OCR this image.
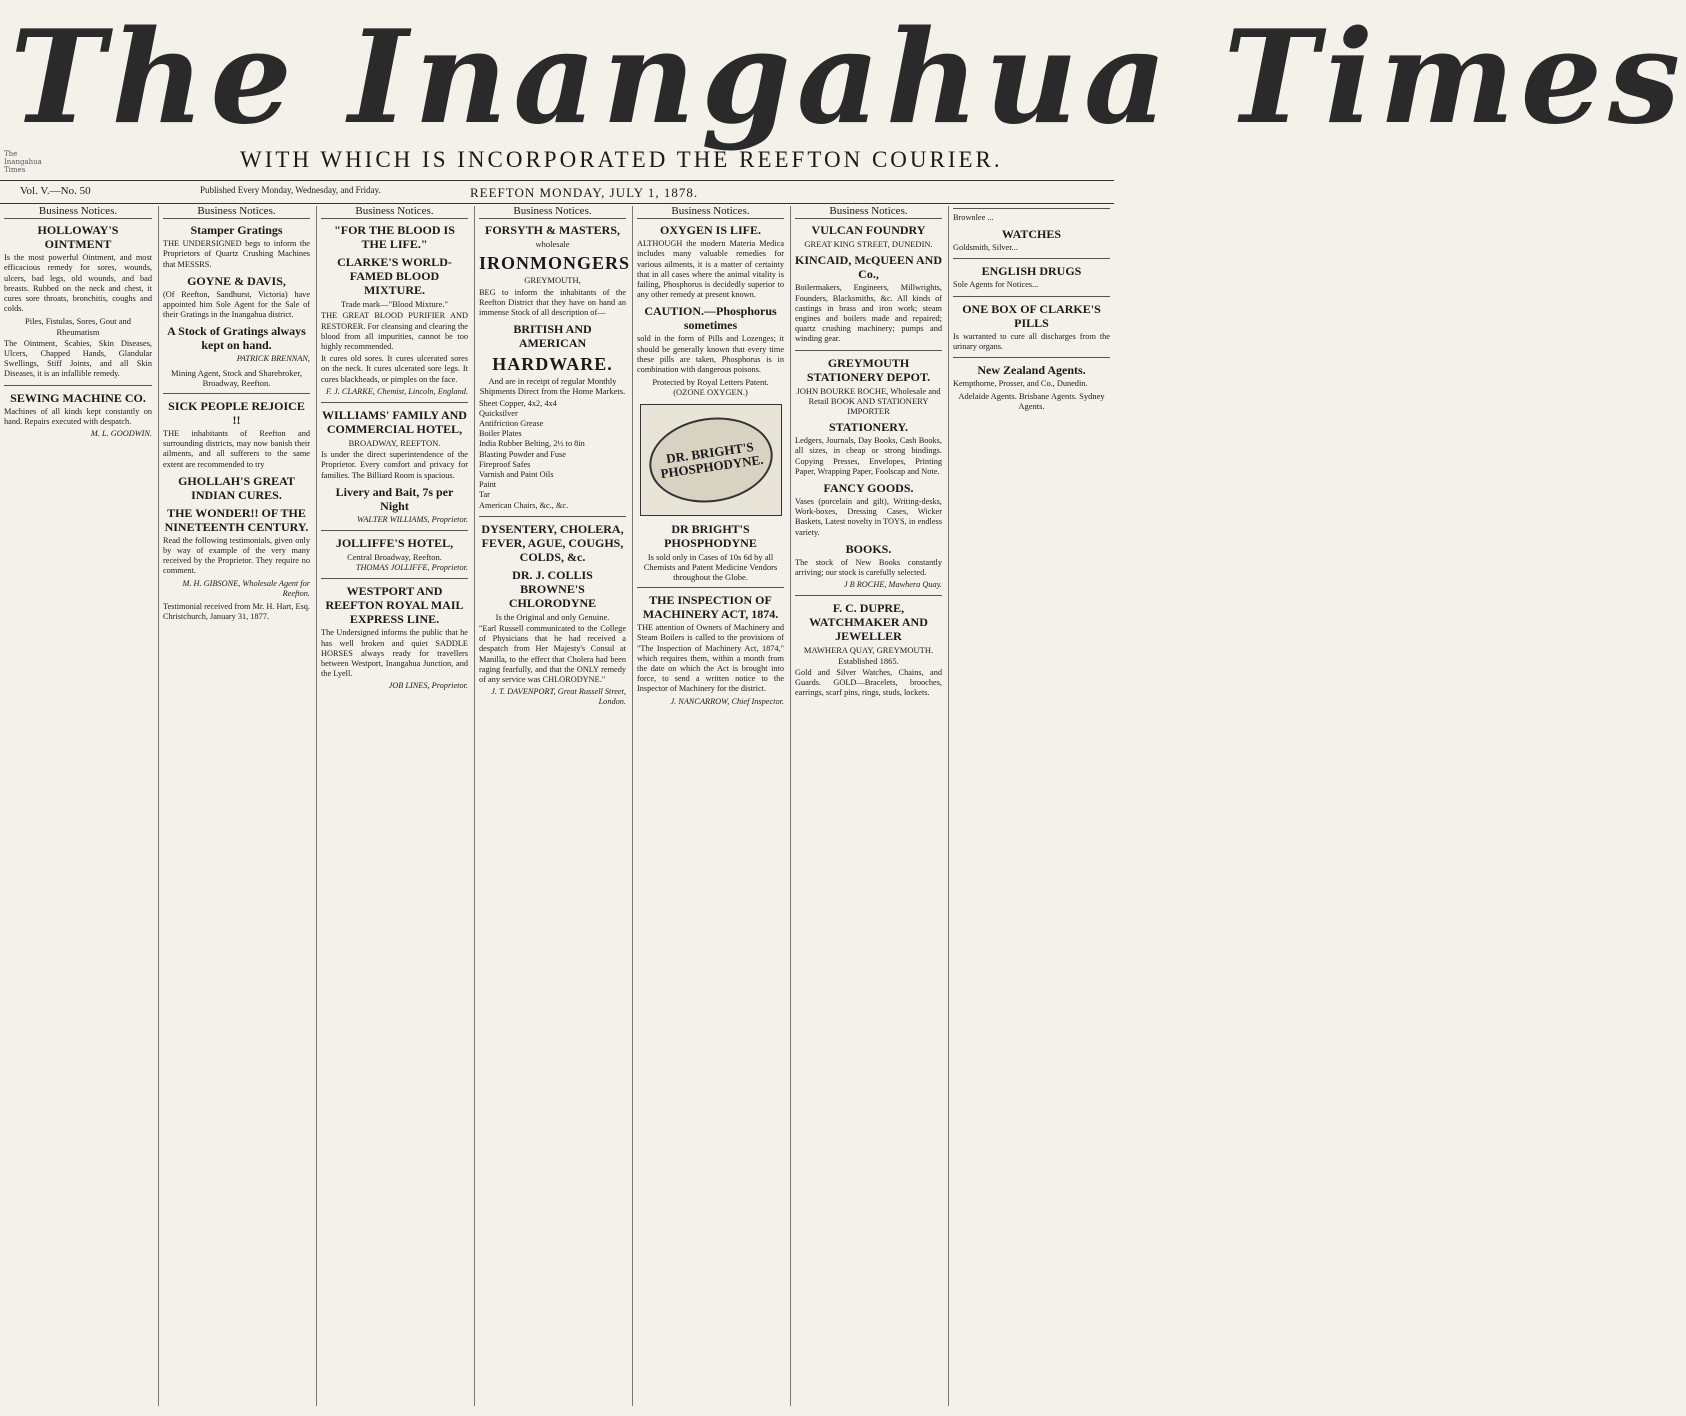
The Inangahua Times
The Inangahua Times
WITH WHICH IS INCORPORATED THE REEFTON COURIER.
Vol. V.—No. 50	Published Every Monday, Wednesday, and Friday.	REEFTON MONDAY, JULY 1, 1878.
Business Notices.
HOLLOWAY'S OINTMENT
Is the most powerful Ointment, and most efficacious remedy for sores, wounds, ulcers, bad legs, old wounds, and bad breasts. Rubbed on the neck and chest, it cures sore throats, bronchitis, coughs and colds.
Piles, Fistulas, Sores, Gout and Rheumatism
The Ointment, Scabies, Skin Diseases, Ulcers, Chapped Hands, Glandular Swellings, Stiff Joints, and all Skin Diseases, it is an infallible remedy.
SEWING MACHINE CO.
Machines of all kinds kept constantly on hand. Repairs executed with despatch.
M. L. GOODWIN.
Business Notices.
Stamper Gratings
THE UNDERSIGNED begs to inform the Proprietors of Quartz Crushing Machines that MESSRS.
GOYNE & DAVIS,
(Of Reefton, Sandhurst, Victoria) have appointed him Sole Agent for the Sale of their Gratings in the Inangahua district.
A Stock of Gratings always kept on hand.
PATRICK BRENNAN,
Mining Agent, Stock and Sharebroker, Broadway, Reefton.
SICK PEOPLE REJOICE !!
THE inhabitants of Reefton and surrounding districts, may now banish their ailments, and all sufferers to the same extent are recommended to try
GHOLLAH'S GREAT INDIAN CURES.
THE WONDER!! OF THE NINETEENTH CENTURY.
Read the following testimonials, given only by way of example of the very many received by the Proprietor. They require no comment.
M. H. GIBSONE, Wholesale Agent for Reefton.
Testimonial received from Mr. H. Hart, Esq. Christchurch, January 31, 1877.
Business Notices.
"FOR THE BLOOD IS THE LIFE."
CLARKE'S WORLD-FAMED BLOOD MIXTURE.
Trade mark—"Blood Mixture."
THE GREAT BLOOD PURIFIER AND RESTORER. For cleansing and clearing the blood from all impurities, cannot be too highly recommended.
It cures old sores. It cures ulcerated sores on the neck. It cures ulcerated sore legs. It cures blackheads, or pimples on the face.
F. J. CLARKE, Chemist, Lincoln, England.
WILLIAMS' FAMILY AND COMMERCIAL HOTEL,
BROADWAY, REEFTON.
Is under the direct superintendence of the Proprietor. Every comfort and privacy for families. The Billiard Room is spacious.
Livery and Bait, 7s per Night
WALTER WILLIAMS, Proprietor.
JOLLIFFE'S HOTEL,
Central Broadway, Reefton.
THOMAS JOLLIFFE, Proprietor.
WESTPORT AND REEFTON ROYAL MAIL EXPRESS LINE.
The Undersigned informs the public that he has well broken and quiet SADDLE HORSES always ready for travellers between Westport, Inangahua Junction, and the Lyell.
JOB LINES, Proprietor.
Business Notices.
FORSYTH & MASTERS,
wholesale
IRONMONGERS
GREYMOUTH,
BEG to inform the inhabitants of the Reefton District that they have on hand an immense Stock of all description of—
BRITISH AND AMERICAN
HARDWARE.
And are in receipt of regular Monthly Shipments Direct from the Home Markets.
Sheet Copper, 4x2, 4x4
Quicksilver
Antifriction Grease
Boiler Plates
India Rubber Belting, 2½ to 8in
Blasting Powder and Fuse
Fireproof Safes
Varnish and Paint Oils
Paint
Tar
American Chairs, &c., &c.
DYSENTERY, CHOLERA, FEVER, AGUE, COUGHS, COLDS, &c.
DR. J. COLLIS BROWNE'S CHLORODYNE
Is the Original and only Genuine.
"Earl Russell communicated to the College of Physicians that he had received a despatch from Her Majesty's Consul at Manilla, to the effect that Cholera had been raging fearfully, and that the ONLY remedy of any service was CHLORODYNE."
J. T. DAVENPORT, Great Russell Street, London.
Business Notices.
OXYGEN IS LIFE.
ALTHOUGH the modern Materia Medica includes many valuable remedies for various ailments, it is a matter of certainty that in all cases where the animal vitality is failing, Phosphorus is decidedly superior to any other remedy at present known.
CAUTION.—Phosphorus sometimes
sold in the form of Pills and Lozenges; it should be generally known that every time these pills are taken, Phosphorus is in combination with dangerous poisons.
Protected by Royal Letters Patent. (OZONE OXYGEN.)
DR. BRIGHT'S PHOSPHODYNE.
DR BRIGHT'S PHOSPHODYNE
Is sold only in Cases of 10s 6d by all Chemists and Patent Medicine Vendors throughout the Globe.
THE INSPECTION OF MACHINERY ACT, 1874.
THE attention of Owners of Machinery and Steam Boilers is called to the provisions of "The Inspection of Machinery Act, 1874," which requires them, within a month from the date on which the Act is brought into force, to send a written notice to the Inspector of Machinery for the district.
J. NANCARROW, Chief Inspector.
Business Notices.
VULCAN FOUNDRY
GREAT KING STREET, DUNEDIN.
KINCAID, McQUEEN AND Co.,
Boilermakers, Engineers, Millwrights, Founders, Blacksmiths, &c. All kinds of castings in brass and iron work; steam engines and boilers made and repaired; quartz crushing machinery; pumps and winding gear.
GREYMOUTH STATIONERY DEPOT.
JOHN BOURKE ROCHE, Wholesale and Retail BOOK AND STATIONERY IMPORTER
STATIONERY.
Ledgers, Journals, Day Books, Cash Books, all sizes, in cheap or strong bindings. Copying Presses, Envelopes, Printing Paper, Wrapping Paper, Foolscap and Note.
FANCY GOODS.
Vases (porcelain and gilt), Writing-desks, Work-boxes, Dressing Cases, Wicker Baskets, Latest novelty in TOYS, in endless variety.
BOOKS.
The stock of New Books constantly arriving; our stock is carefully selected.
J B ROCHE, Mawhera Quay.
F. C. DUPRE, WATCHMAKER AND JEWELLER
MAWHERA QUAY, GREYMOUTH. Established 1865.
Gold and Silver Watches, Chains, and Guards. GOLD—Bracelets, brooches, earrings, scarf pins, rings, studs, lockets.
Brownlee ...
WATCHES
Goldsmith, Silver...
ENGLISH DRUGS
Sole Agents for Notices...
ONE BOX OF CLARKE'S PILLS
Is warranted to cure all discharges from the urinary organs.
New Zealand Agents.
Kempthorne, Prosser, and Co., Dunedin.
Adelaide Agents. Brisbane Agents. Sydney Agents.
